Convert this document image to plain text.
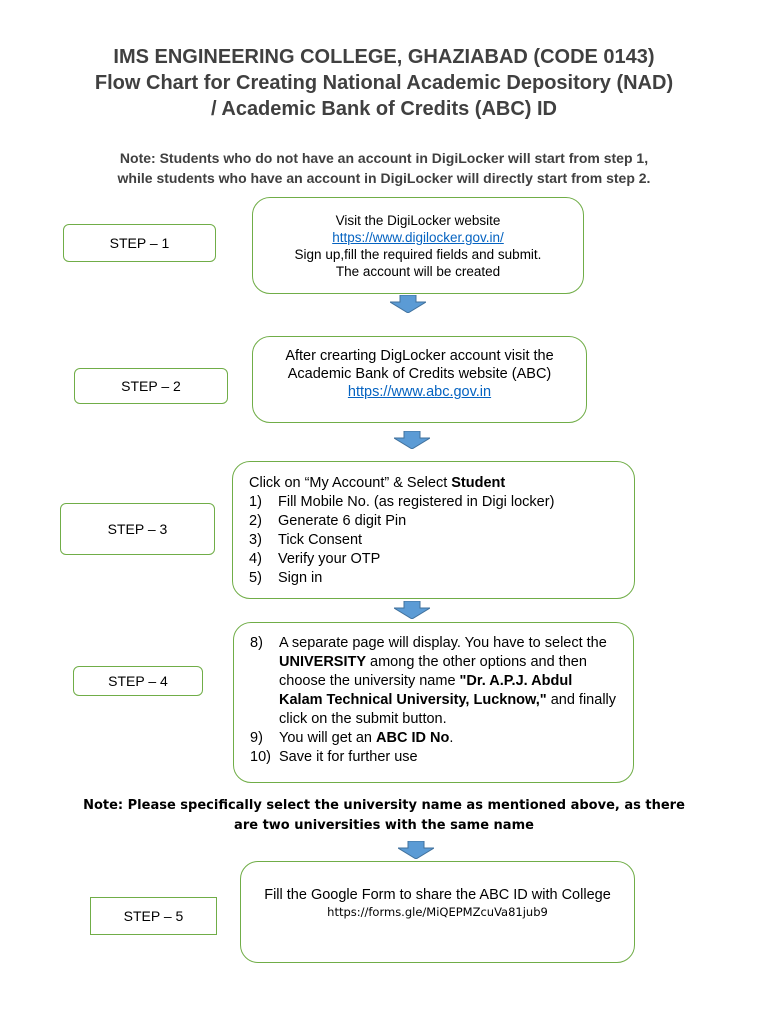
IMS ENGINEERING COLLEGE, GHAZIABAD (CODE 0143)
Flow Chart for Creating National Academic Depository (NAD)
/ Academic Bank of Credits (ABC) ID
Note: Students who do not have an account in DigiLocker will start from step 1,
while students who have an account in DigiLocker will directly start from step 2.
STEP – 1
Visit the DigiLocker website
https://www.digilocker.gov.in/
Sign up,fill the required fields and submit.
The account will be created
STEP – 2
After crearting DigLocker account visit the
Academic Bank of Credits website (ABC)
https://www.abc.gov.in
STEP – 3
Click on “My Account” & Select Student
1)	Fill Mobile No. (as registered in Digi locker)
2)	Generate 6 digit Pin
3)	Tick Consent
4)	Verify your OTP
5)	Sign in
STEP – 4
8)	A separate page will display. You have to select the UNIVERSITY among the other options and then choose the university name "Dr. A.P.J. Abdul Kalam Technical University, Lucknow," and finally click on the submit button.
9)	You will get an ABC ID No.
10) Save it for further use
Note: Please specifically select the university name as mentioned above, as there are two universities with the same name
STEP – 5
Fill the Google Form to share the ABC ID with College
https://forms.gle/MiQEPMZcuVa81jub9
